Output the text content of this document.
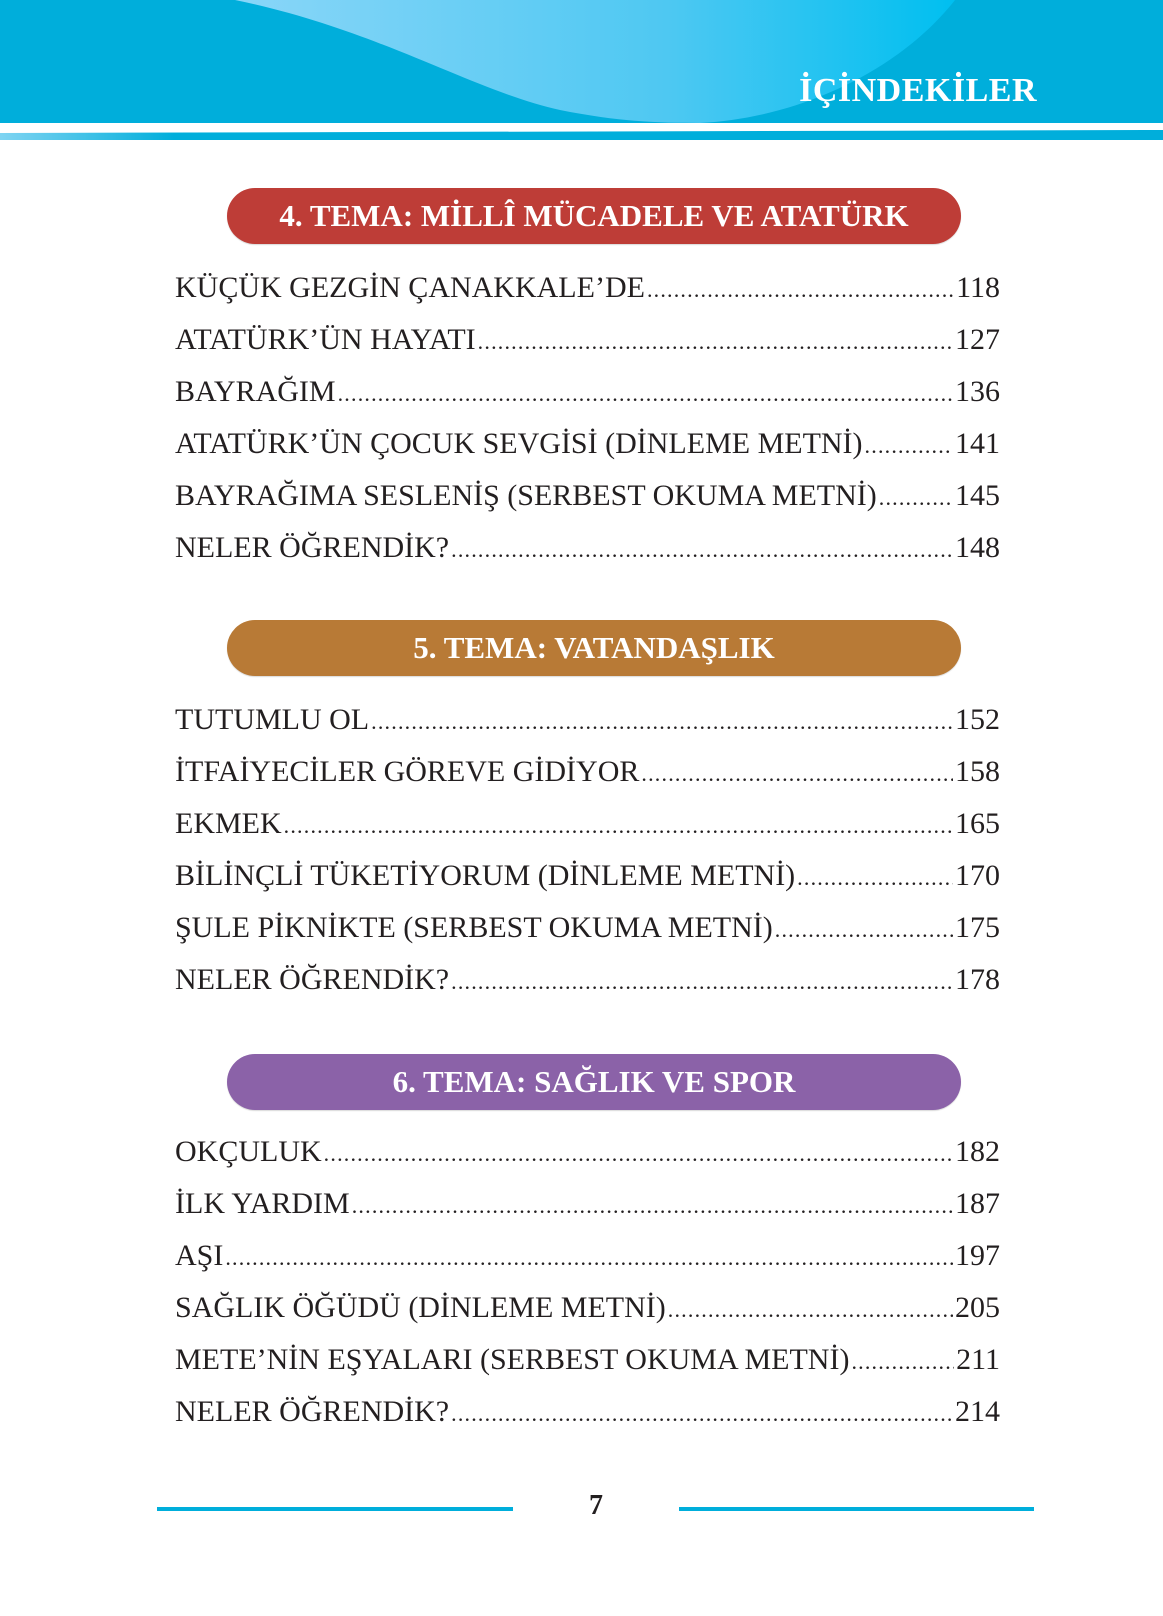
İÇİNDEKİLER
4. TEMA: MİLLÎ MÜCADELE VE ATATÜRK
KÜÇÜK GEZGİN ÇANAKKALE’DE .....	118
ATATÜRK’ÜN HAYATI .....	127
BAYRAĞIM .....	136
ATATÜRK’ÜN ÇOCUK SEVGİSİ (DİNLEME METNİ) .....	141
BAYRAĞIMA SESLENİŞ (SERBEST OKUMA METNİ) .....	145
NELER ÖĞRENDİK? .....	148
5. TEMA: VATANDAŞLIK
TUTUMLU OL .....	152
İTFAİYECİLER GÖREVE GİDİYOR .....	158
EKMEK .....	165
BİLİNÇLİ TÜKETİYORUM (DİNLEME METNİ) .....	170
ŞULE PİKNİKTE (SERBEST OKUMA METNİ) .....	175
NELER ÖĞRENDİK? .....	178
6. TEMA: SAĞLIK VE SPOR
OKÇULUK .....	182
İLK YARDIM .....	187
AŞI .....	197
SAĞLIK ÖĞÜDÜ (DİNLEME METNİ) .....	205
METE’NİN EŞYALARI (SERBEST OKUMA METNİ) .....	211
NELER ÖĞRENDİK? .....	214
7
